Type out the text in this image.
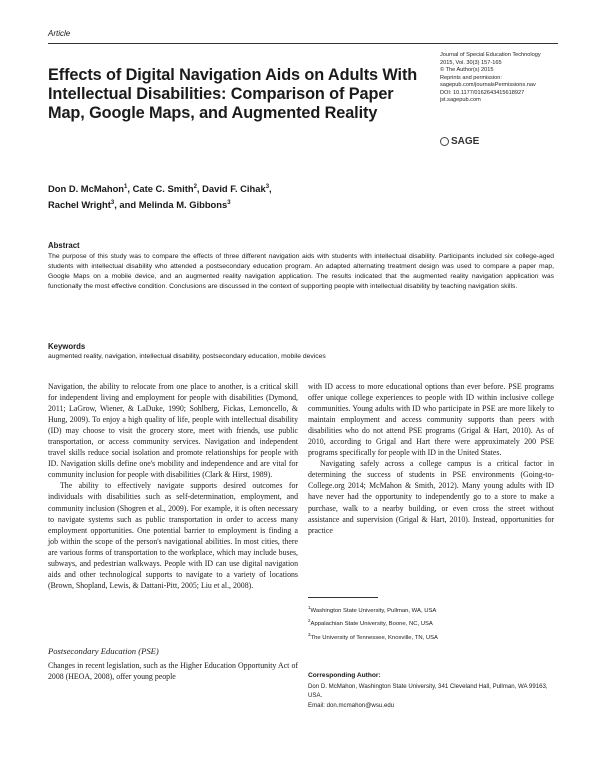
Article
Effects of Digital Navigation Aids on Adults With Intellectual Disabilities: Comparison of Paper Map, Google Maps, and Augmented Reality
Journal of Special Education Technology
2015, Vol. 30(3) 157-165
© The Author(s) 2015
Reprints and permission:
sagepub.com/journalsPermissions.nav
DOI: 10.1177/0162643415618927
jst.sagepub.com
SAGE
Don D. McMahon$^1$, Cate C. Smith$^2$, David F. Cihak$^3$,
Rachel Wright$^3$, and Melinda M. Gibbons$^3$
Abstract

The purpose of this study was to compare the effects of three different navigation aids with students with intellectual disability. Participants included six college-aged students with intellectual disability who attended a postsecondary education program. An adapted alternating treatment design was used to compare a paper map, Google Maps on a mobile device, and an augmented reality navigation application. The results indicated that the augmented reality navigation application was functionally the most effective condition. Conclusions are discussed in the context of supporting people with intellectual disability by teaching navigation skills.

Keywords
augmented reality, navigation, intellectual disability, postsecondary education, mobile devices

Navigation, the ability to relocate from one place to another, is a critical skill for independent living and employment for people with disabilities (Dymond, 2011; LaGrow, Wiener, & LaDuke, 1990; Sohlberg, Fickas, Lemoncello, & Hung, 2009). To enjoy a high quality of life, people with intellectual disability (ID) may choose to visit the grocery store, meet with friends, use public transportation, or access community services. Navigation and independent travel skills reduce social isolation and promote relationships for people with ID. Navigation skills define one's mobility and independence and are vital for community inclusion for people with disabilities (Clark & Hirst, 1989).

The ability to effectively navigate supports desired outcomes for individuals with disabilities such as self-determination, employment, and community inclusion (Shogren et al., 2009). For example, it is often necessary to navigate systems such as public transportation in order to access many employment opportunities. One potential barrier to employment is finding a job within the scope of the person's navigational abilities. In most cities, there are various forms of transportation to the workplace, which may include buses, subways, and pedestrian walkways. People with ID can use digital navigation aids and other technological supports to navigate to a variety of locations (Brown, Shopland, Lewis, & Dattani-Pitt, 2005; Liu et al., 2008).

Postsecondary Education (PSE)

Changes in recent legislation, such as the Higher Education Opportunity Act of 2008 (HEOA, 2008), offer young people

with ID access to more educational options than ever before. PSE programs offer unique college experiences to people with ID within inclusive college communities. Young adults with ID who participate in PSE are more likely to maintain employment and access community supports than peers with disabilities who do not attend PSE programs (Grigal & Hart, 2010). As of 2010, according to Grigal and Hart there were approximately 200 PSE programs specifically for people with ID in the United States.

Navigating safely across a college campus is a critical factor in determining the success of students in PSE environments (Going-to-College.org 2014; McMahon & Smith, 2012). Many young adults with ID have never had the opportunity to independently go to a store to make a purchase, walk to a nearby building, or even cross the street without assistance and supervision (Grigal & Hart, 2010). Instead, opportunities for practice

$^1$Washington State University, Pullman, WA, USA
$^2$Appalachian State University, Boone, NC, USA
$^3$The University of Tennessee, Knoxville, TN, USA
Corresponding Author:
Don D. McMahon, Washington State University, 341 Cleveland Hall, Pullman, WA 99163, USA.
Email: don.mcmahon@wsu.edu
